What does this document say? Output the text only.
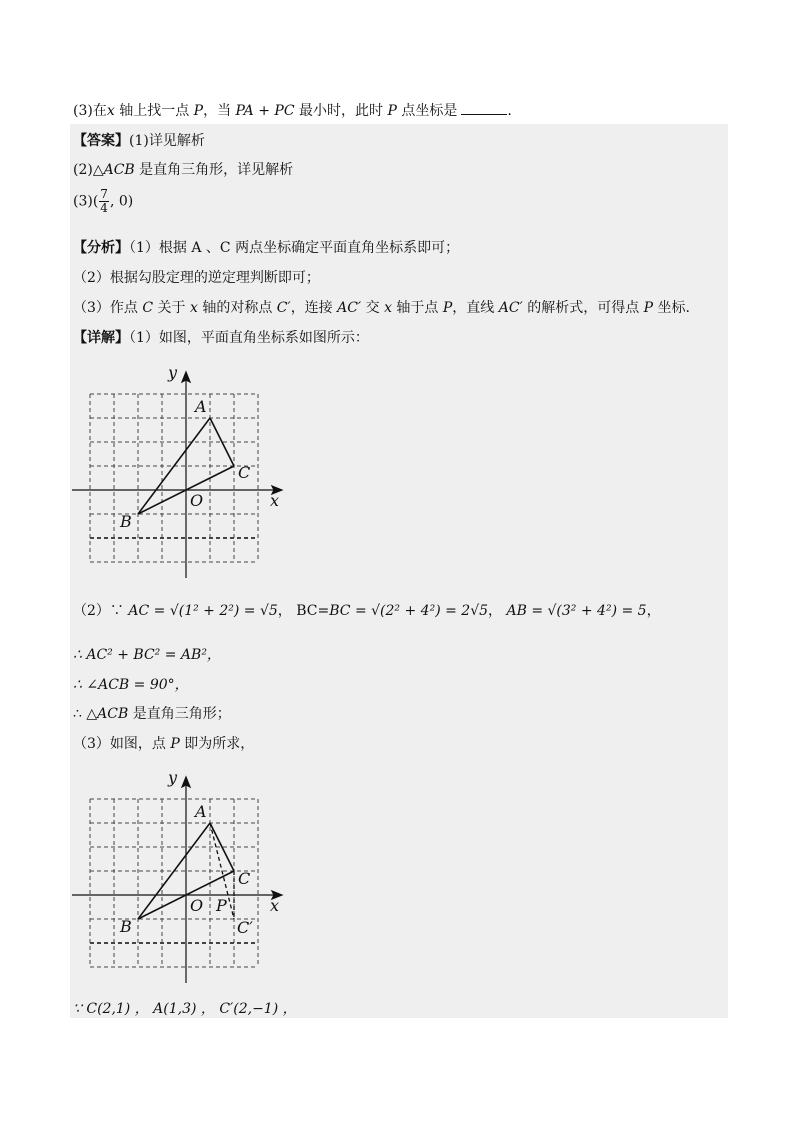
(3)在x 轴上找一点 P，当 PA + PC 最小时，此时 P 点坐标是	.
【答案】(1)详见解析
(2)△ACB 是直角三角形，详见解析
$(3)( \frac{7}{4}$ , 0)
【分析】（1）根据 A 、C 两点坐标确定平面直角坐标系即可；
（2）根据勾股定理的逆定理判断即可；
（3）作点 C 关于 x 轴的对称点 C′，连接 AC′ 交 x 轴于点 P，直线 AC′ 的解析式，可得点 P 坐标.
【详解】（1）如图，平面直角坐标系如图所示：
y
x
A
B
C
O
（2）∵ AC = √(1² + 2²) = √5， BC=BC = √(2² + 4²) = 2√5， AB = √(3² + 4²) = 5，
∴ AC² + BC² = AB²，
∴ ∠ACB = 90°，
∴ △ACB 是直角三角形；
（3）如图，点 P 即为所求，
y
x
A
B
C
O P
C′
∵ C(2,1) ， A(1,3) ， C′(2,−1) ，
